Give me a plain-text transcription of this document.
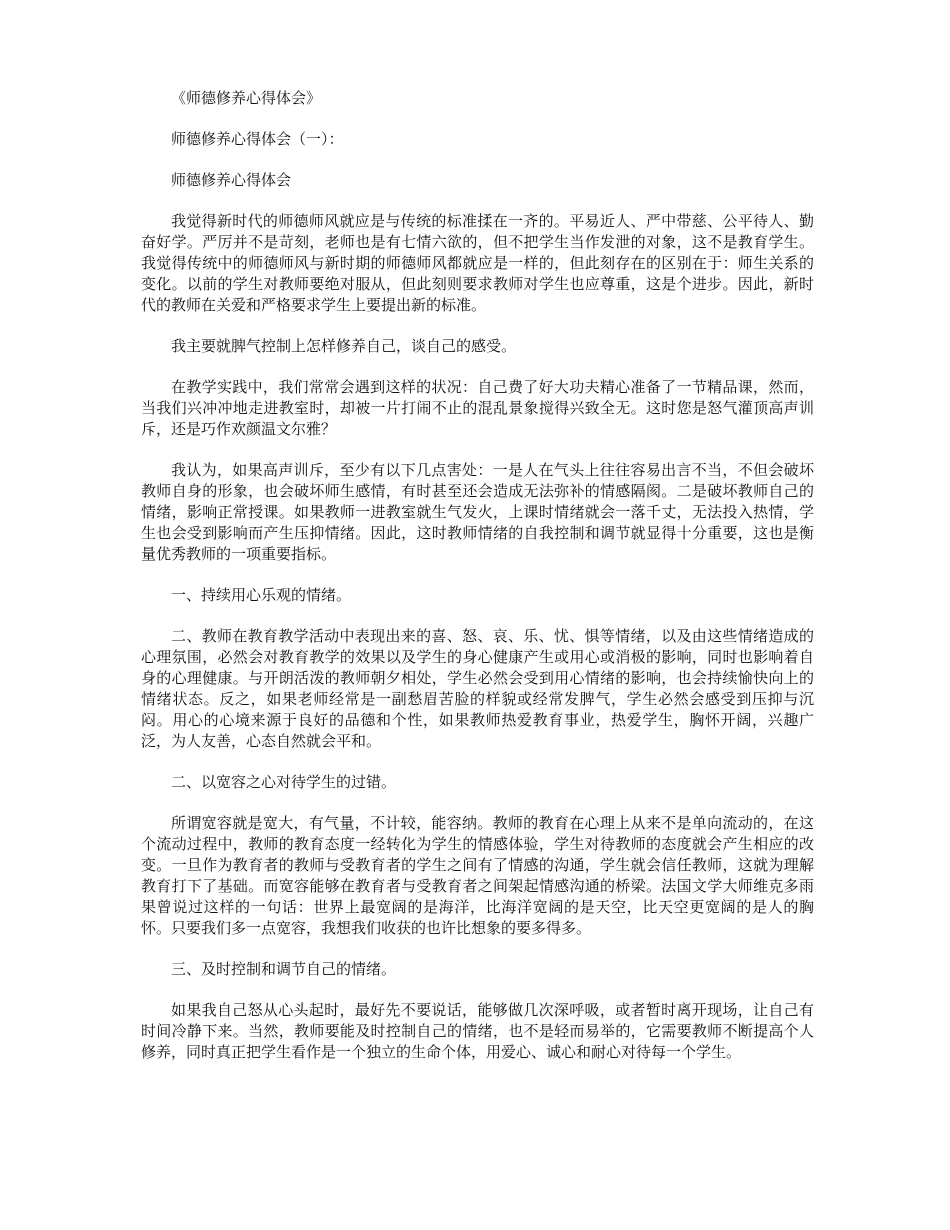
《师德修养心得体会》

师德修养心得体会（一）：

师德修养心得体会

我觉得新时代的师德师风就应是与传统的标准揉在一齐的。平易近人、严中带慈、公平待人、勤奋好学。严厉并不是苛刻，老师也是有七情六欲的，但不把学生当作发泄的对象，这不是教育学生。我觉得传统中的师德师风与新时期的师德师风都就应是一样的，但此刻存在的区别在于：师生关系的变化。以前的学生对教师要绝对服从，但此刻则要求教师对学生也应尊重，这是个进步。因此，新时代的教师在关爱和严格要求学生上要提出新的标准。

我主要就脾气控制上怎样修养自己，谈自己的感受。

在教学实践中，我们常常会遇到这样的状况：自己费了好大功夫精心准备了一节精品课，然而，当我们兴冲冲地走进教室时，却被一片打闹不止的混乱景象搅得兴致全无。这时您是怒气灌顶高声训斥，还是巧作欢颜温文尔雅？

我认为，如果高声训斥，至少有以下几点害处：一是人在气头上往往容易出言不当，不但会破坏教师自身的形象，也会破坏师生感情，有时甚至还会造成无法弥补的情感隔阂。二是破坏教师自己的情绪，影响正常授课。如果教师一进教室就生气发火，上课时情绪就会一落千丈，无法投入热情，学生也会受到影响而产生压抑情绪。因此，这时教师情绪的自我控制和调节就显得十分重要，这也是衡量优秀教师的一项重要指标。

一、持续用心乐观的情绪。

二、教师在教育教学活动中表现出来的喜、怒、哀、乐、忧、惧等情绪，以及由这些情绪造成的心理氛围，必然会对教育教学的效果以及学生的身心健康产生或用心或消极的影响，同时也影响着自身的心理健康。与开朗活泼的教师朝夕相处，学生必然会受到用心情绪的影响，也会持续愉快向上的情绪状态。反之，如果老师经常是一副愁眉苦脸的样貌或经常发脾气，学生必然会感受到压抑与沉闷。用心的心境来源于良好的品德和个性，如果教师热爱教育事业，热爱学生，胸怀开阔，兴趣广泛，为人友善，心态自然就会平和。

二、以宽容之心对待学生的过错。

所谓宽容就是宽大，有气量，不计较，能容纳。教师的教育在心理上从来不是单向流动的，在这个流动过程中，教师的教育态度一经转化为学生的情感体验，学生对待教师的态度就会产生相应的改变。一旦作为教育者的教师与受教育者的学生之间有了情感的沟通，学生就会信任教师，这就为理解教育打下了基础。而宽容能够在教育者与受教育者之间架起情感沟通的桥梁。法国文学大师维克多雨果曾说过这样的一句话：世界上最宽阔的是海洋，比海洋宽阔的是天空，比天空更宽阔的是人的胸怀。只要我们多一点宽容，我想我们收获的也许比想象的要多得多。

三、及时控制和调节自己的情绪。

如果我自己怒从心头起时，最好先不要说话，能够做几次深呼吸，或者暂时离开现场，让自己有时间冷静下来。当然，教师要能及时控制自己的情绪，也不是轻而易举的，它需要教师不断提高个人修养，同时真正把学生看作是一个独立的生命个体，用爱心、诚心和耐心对待每一个学生。
